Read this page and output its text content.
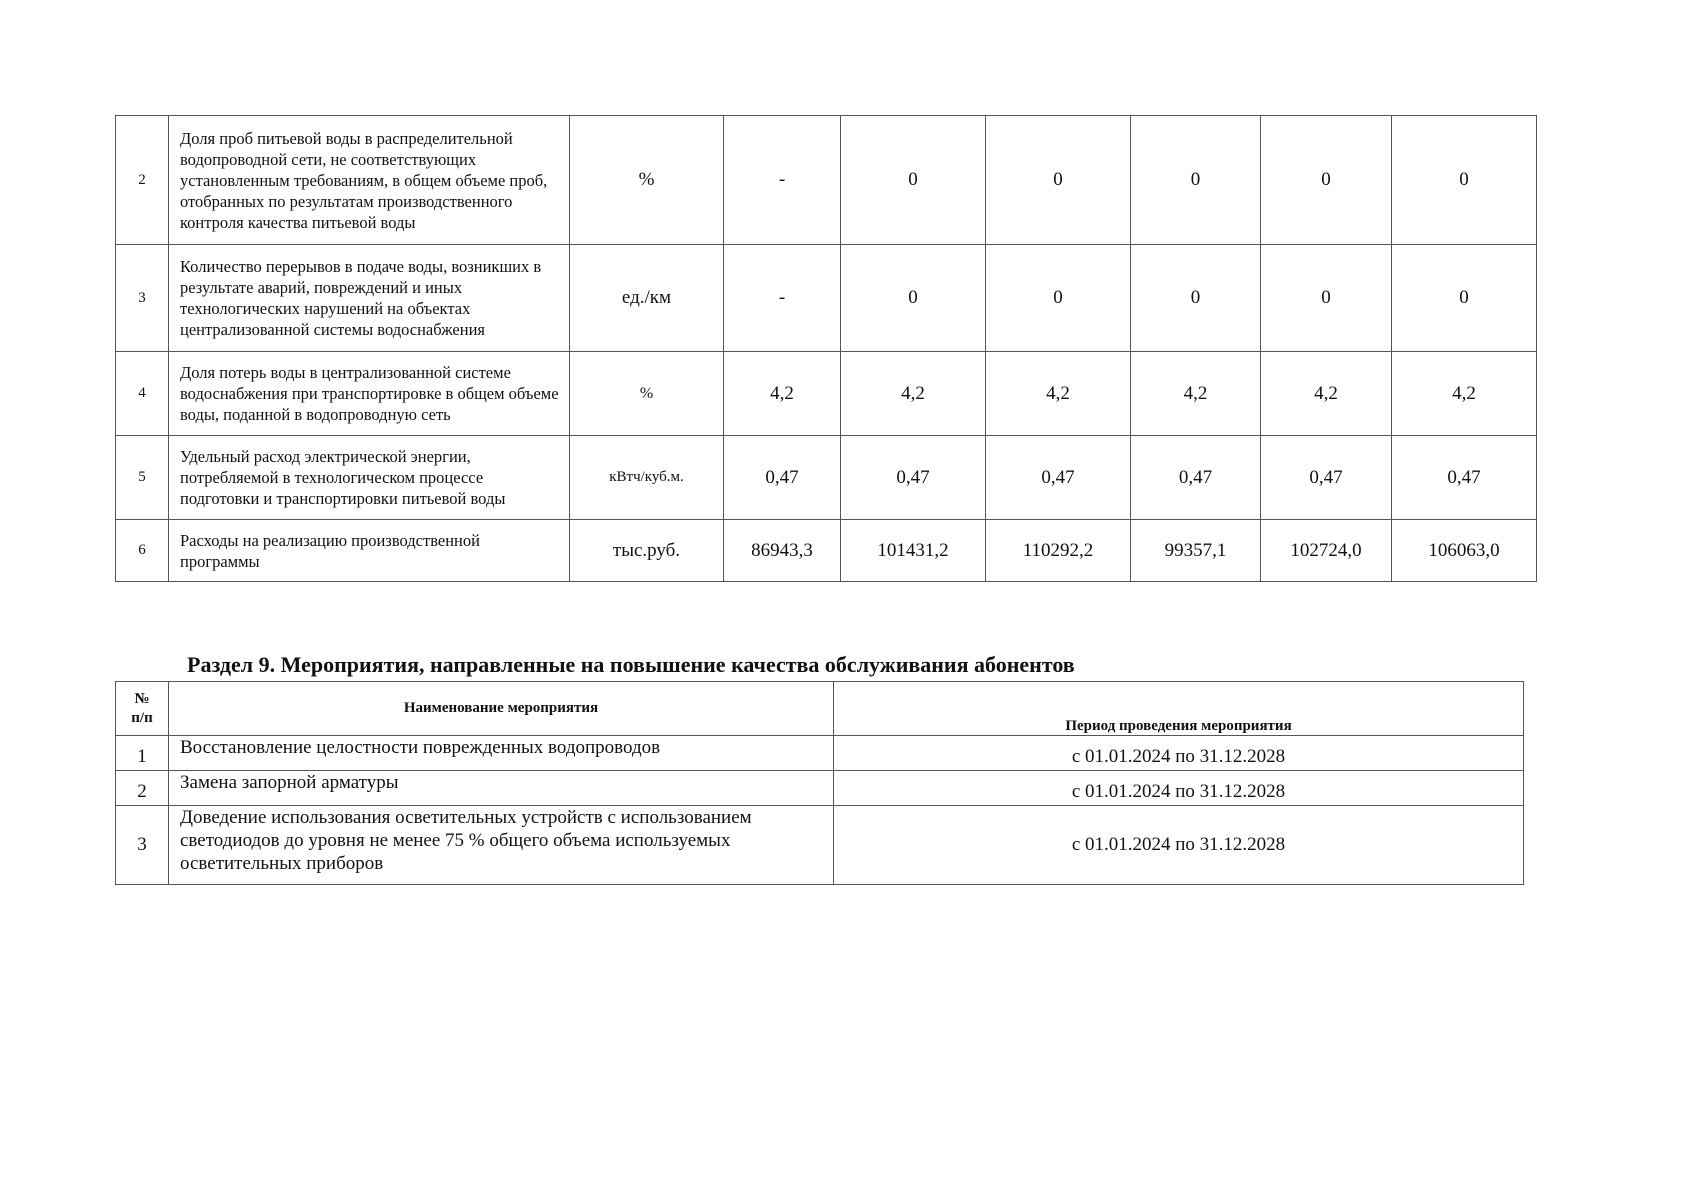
2	Доля проб питьевой воды в распределительной водопроводной сети, не соответствующих установленным требованиям, в общем объеме проб, отобранных по результатам производственного контроля качества питьевой воды	%	-	0	0	0	0	0
3	Количество перерывов в подаче воды, возникших в результате аварий, повреждений и иных технологических нарушений на объектах централизованной системы водоснабжения	ед./км	-	0	0	0	0	0
4	Доля потерь воды в централизованной системе водоснабжения при транспортировке в общем объеме воды, поданной в водопроводную сеть	%	4,2	4,2	4,2	4,2	4,2	4,2
5	Удельный расход электрической энергии, потребляемой в технологическом процессе подготовки и транспортировки питьевой воды	кВтч/куб.м.	0,47	0,47	0,47	0,47	0,47	0,47
6	Расходы на реализацию производственной программы	тыс.руб.	86943,3	101431,2	110292,2	99357,1	102724,0	106063,0
Раздел 9. Мероприятия, направленные на повышение качества обслуживания абонентов
№
п/п	Наименование мероприятия	Период проведения мероприятия
1	Восстановление целостности поврежденных водопроводов	с 01.01.2024 по 31.12.2028
2	Замена запорной арматуры	с 01.01.2024 по 31.12.2028
3	Доведение использования осветительных устройств с использованием светодиодов до уровня не менее 75 % общего объема используемых осветительных приборов	с 01.01.2024 по 31.12.2028
